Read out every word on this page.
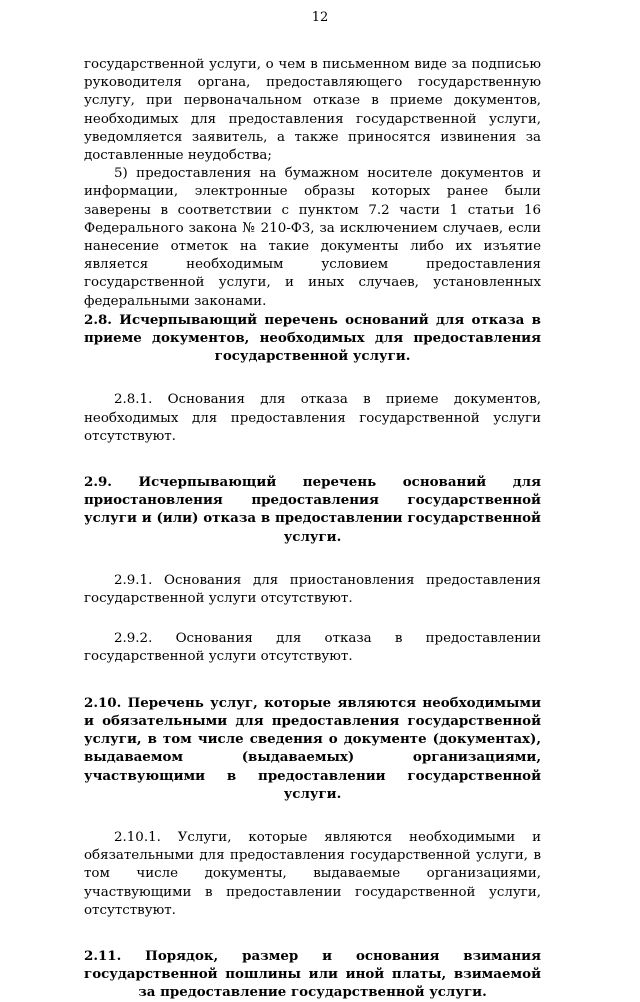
12

государственной услуги, о чем в письменном виде за подписью руководителя органа, предоставляющего государственную услугу, при первоначальном отказе в приеме документов, необходимых для предоставления государственной услуги, уведомляется заявитель, а также приносятся извинения за доставленные неудобства;

5) предоставления на бумажном носителе документов и информации, электронные образы которых ранее были заверены в соответствии с пунктом 7.2 части 1 статьи 16 Федерального закона № 210-ФЗ, за исключением случаев, если нанесение отметок на такие документы либо их изъятие является необходимым условием предоставления государственной услуги, и иных случаев, установленных федеральными законами.

2.8. Исчерпывающий перечень оснований для отказа в приеме документов, необходимых для предоставления государственной услуги.

2.8.1. Основания для отказа в приеме документов, необходимых для предоставления государственной услуги отсутствуют.

2.9. Исчерпывающий перечень оснований для приостановления предоставления государственной услуги и (или) отказа в предоставлении государственной услуги.

2.9.1. Основания для приостановления предоставления государственной услуги отсутствуют.

2.9.2. Основания для отказа в предоставлении государственной услуги отсутствуют.

2.10. Перечень услуг, которые являются необходимыми и обязательными для предоставления государственной услуги, в том числе сведения о документе (документах), выдаваемом (выдаваемых) организациями, участвующими в предоставлении государственной услуги.

2.10.1. Услуги, которые являются необходимыми и обязательными для предоставления государственной услуги, в том числе документы, выдаваемые организациями, участвующими в предоставлении государственной услуги, отсутствуют.

2.11. Порядок, размер и основания взимания государственной пошлины или иной платы, взимаемой за предоставление государственной услуги.
